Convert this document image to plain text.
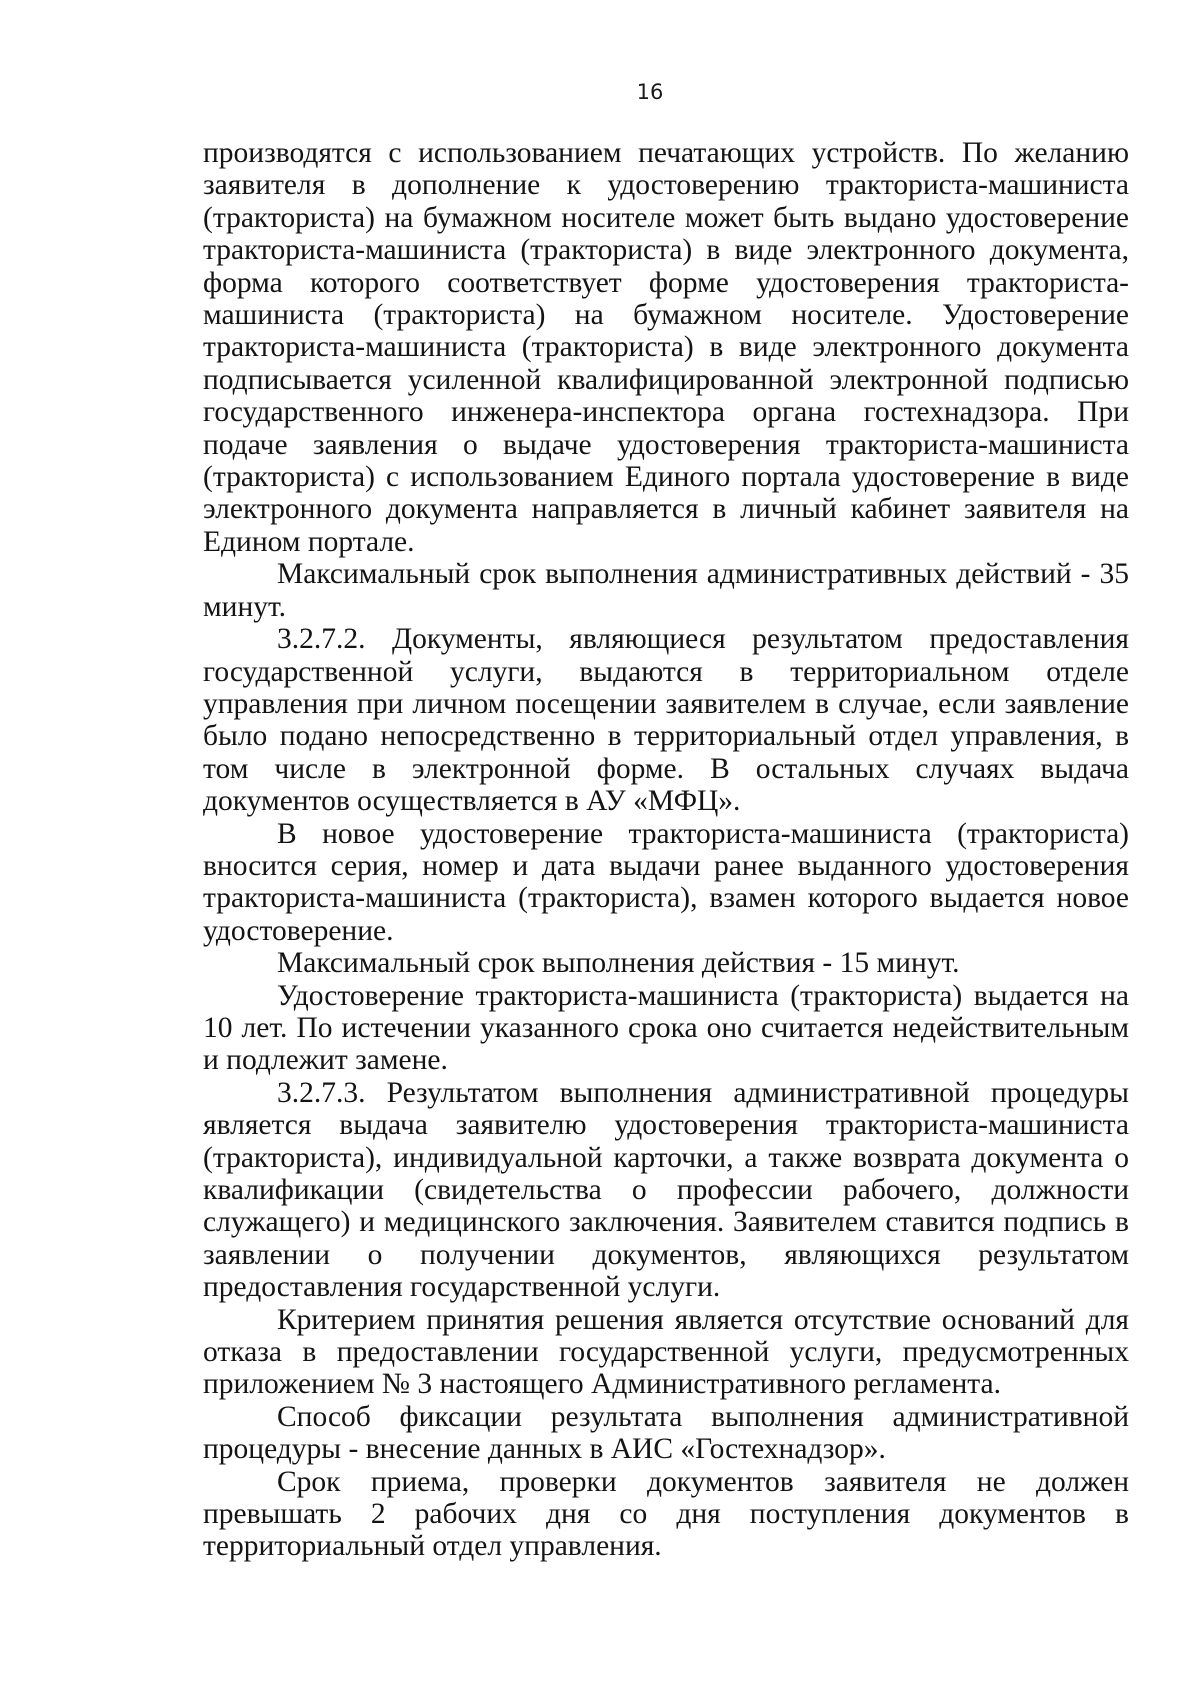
16

производятся с использованием печатающих устройств. По желанию заявителя в дополнение к удостоверению тракториста-машиниста (тракториста) на бумажном носителе может быть выдано удостоверение тракториста-машиниста (тракториста) в виде электронного документа, форма которого соответствует форме удостоверения тракториста-машиниста (тракториста) на бумажном носителе. Удостоверение тракториста-машиниста (тракториста) в виде электронного документа подписывается усиленной квалифицированной электронной подписью государственного инженера-инспектора органа гостехнадзора. При подаче заявления о выдаче удостоверения тракториста-машиниста (тракториста) с использованием Единого портала удостоверение в виде электронного документа направляется в личный кабинет заявителя на Едином портале.

Максимальный срок выполнения административных действий - 35 минут.

3.2.7.2. Документы, являющиеся результатом предоставления государственной услуги, выдаются в территориальном отделе управления при личном посещении заявителем в случае, если заявление было подано непосредственно в территориальный отдел управления, в том числе в электронной форме. В остальных случаях выдача документов осуществляется в АУ «МФЦ».

В новое удостоверение тракториста-машиниста (тракториста) вносится серия, номер и дата выдачи ранее выданного удостоверения тракториста-машиниста (тракториста), взамен которого выдается новое удостоверение.

Максимальный срок выполнения действия - 15 минут.

Удостоверение тракториста-машиниста (тракториста) выдается на 10 лет. По истечении указанного срока оно считается недействительным и подлежит замене.

3.2.7.3. Результатом выполнения административной процедуры является выдача заявителю удостоверения тракториста-машиниста (тракториста), индивидуальной карточки, а также возврата документа о квалификации (свидетельства о профессии рабочего, должности служащего) и медицинского заключения. Заявителем ставится подпись в заявлении о получении документов, являющихся результатом предоставления государственной услуги.

Критерием принятия решения является отсутствие оснований для отказа в предоставлении государственной услуги, предусмотренных приложением № 3 настоящего Административного регламента.

Способ фиксации результата выполнения административной процедуры - внесение данных в АИС «Гостехнадзор».

Срок приема, проверки документов заявителя не должен превышать 2 рабочих дня со дня поступления документов в территориальный отдел управления.
